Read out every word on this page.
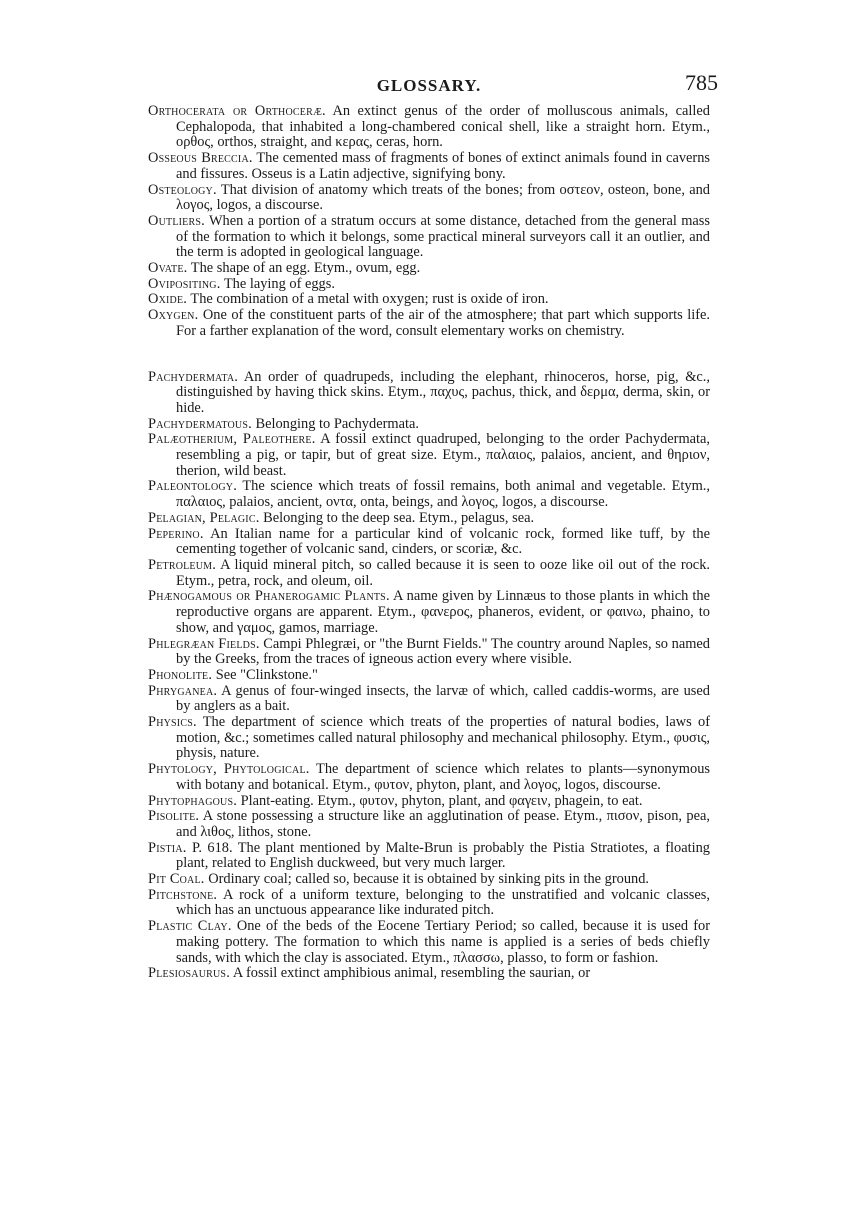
GLOSSARY.	785

Orthocerata or Orthoceræ. An extinct genus of the order of molluscous animals, called Cephalopoda, that inhabited a long-chambered conical shell, like a straight horn. Etym., ορθος, orthos, straight, and κερας, ceras, horn.

Osseous Breccia. The cemented mass of fragments of bones of extinct animals found in caverns and fissures. Osseus is a Latin adjective, signifying bony.

Osteology. That division of anatomy which treats of the bones; from οστεον, osteon, bone, and λογος, logos, a discourse.

Outliers. When a portion of a stratum occurs at some distance, detached from the general mass of the formation to which it belongs, some practical mineral surveyors call it an outlier, and the term is adopted in geological language.

Ovate. The shape of an egg. Etym., ovum, egg.

Ovipositing. The laying of eggs.

Oxide. The combination of a metal with oxygen; rust is oxide of iron.

Oxygen. One of the constituent parts of the air of the atmosphere; that part which supports life. For a farther explanation of the word, consult elementary works on chemistry.

Pachydermata. An order of quadrupeds, including the elephant, rhinoceros, horse, pig, &c., distinguished by having thick skins. Etym., παχυς, pachus, thick, and δερμα, derma, skin, or hide.

Pachydermatous. Belonging to Pachydermata.

Palæotherium, Paleothere. A fossil extinct quadruped, belonging to the order Pachydermata, resembling a pig, or tapir, but of great size. Etym., παλαιος, palaios, ancient, and θηριον, therion, wild beast.

Paleontology. The science which treats of fossil remains, both animal and vegetable. Etym., παλαιος, palaios, ancient, οντα, onta, beings, and λογος, logos, a discourse.

Pelagian, Pelagic. Belonging to the deep sea. Etym., pelagus, sea.

Peperino. An Italian name for a particular kind of volcanic rock, formed like tuff, by the cementing together of volcanic sand, cinders, or scoriæ, &c.

Petroleum. A liquid mineral pitch, so called because it is seen to ooze like oil out of the rock. Etym., petra, rock, and oleum, oil.

Phænogamous or Phanerogamic Plants. A name given by Linnæus to those plants in which the reproductive organs are apparent. Etym., φανερος, phaneros, evident, or φαινω, phaino, to show, and γαμος, gamos, marriage.

Phlegræan Fields. Campi Phlegræi, or "the Burnt Fields." The country around Naples, so named by the Greeks, from the traces of igneous action every where visible.

Phonolite. See "Clinkstone."

Phryganea. A genus of four-winged insects, the larvæ of which, called caddis-worms, are used by anglers as a bait.

Physics. The department of science which treats of the properties of natural bodies, laws of motion, &c.; sometimes called natural philosophy and mechanical philosophy. Etym., φυσις, physis, nature.

Phytology, Phytological. The department of science which relates to plants—synonymous with botany and botanical. Etym., φυτον, phyton, plant, and λογος, logos, discourse.

Phytophagous. Plant-eating. Etym., φυτον, phyton, plant, and φαγειν, phagein, to eat.

Pisolite. A stone possessing a structure like an agglutination of pease. Etym., πισον, pison, pea, and λιθος, lithos, stone.

Pistia. P. 618. The plant mentioned by Malte-Brun is probably the Pistia Stratiotes, a floating plant, related to English duckweed, but very much larger.

Pit Coal. Ordinary coal; called so, because it is obtained by sinking pits in the ground.

Pitchstone. A rock of a uniform texture, belonging to the unstratified and volcanic classes, which has an unctuous appearance like indurated pitch.

Plastic Clay. One of the beds of the Eocene Tertiary Period; so called, because it is used for making pottery. The formation to which this name is applied is a series of beds chiefly sands, with which the clay is associated. Etym., πλασσω, plasso, to form or fashion.

Plesiosaurus. A fossil extinct amphibious animal, resembling the saurian, or
